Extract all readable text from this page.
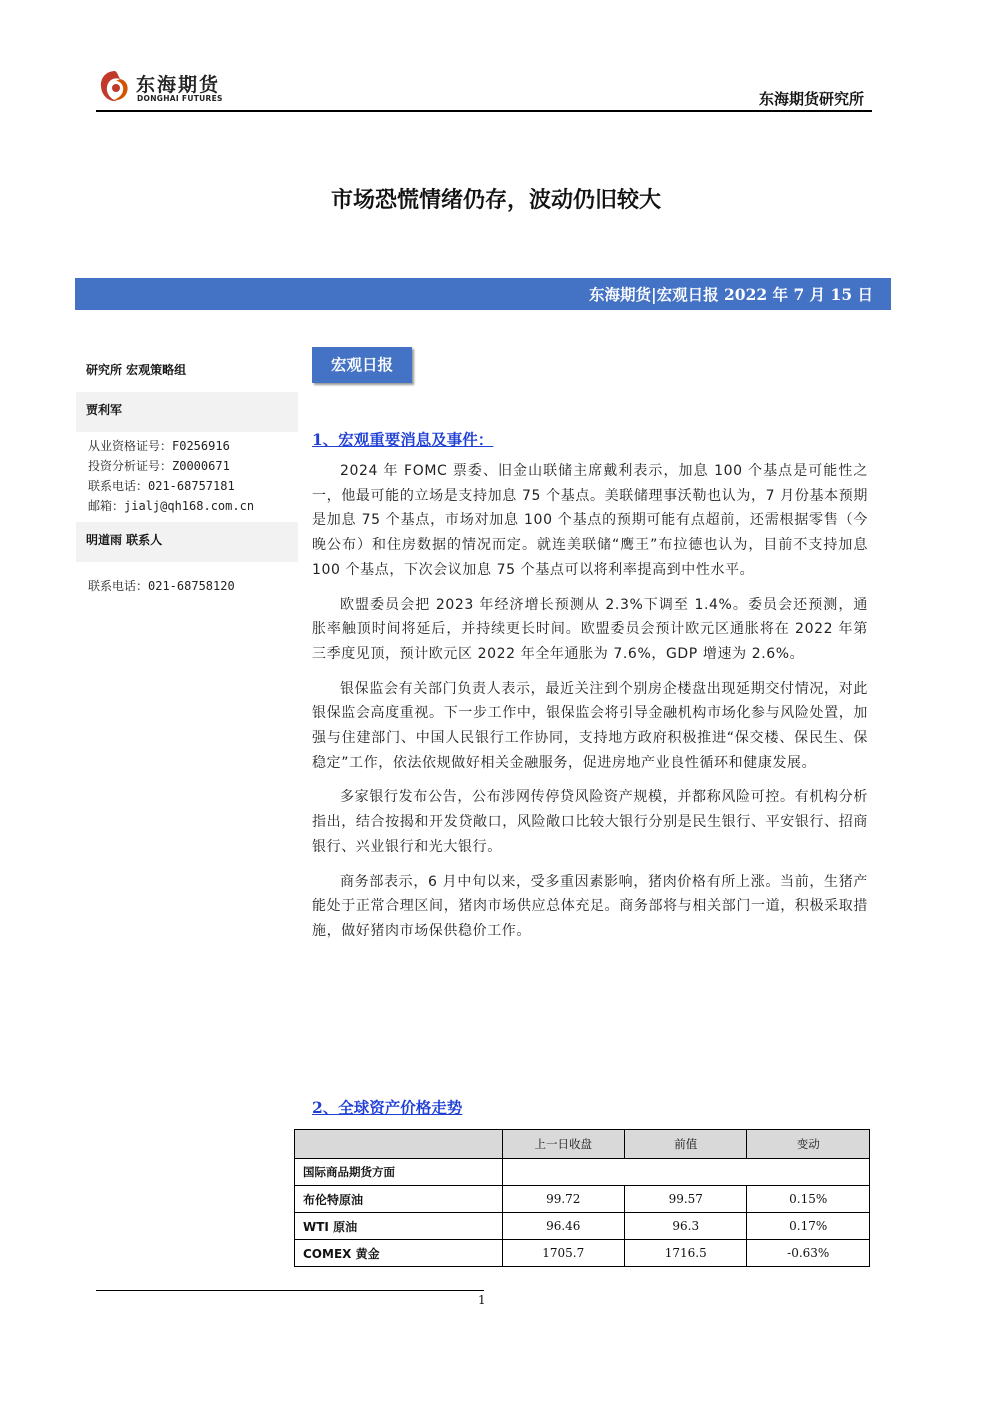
东海期货
DONGHAI FUTURES	东海期货研究所
市场恐慌情绪仍存，波动仍旧较大
东海期货|宏观日报 2022 年 7 月 15 日
研究所 宏观策略组
贾利军
从业资格证号：F0256916
投资分析证号：Z0000671
联系电话：021-68757181
邮箱：jialj@qh168.com.cn
明道雨 联系人
联系电话：021-68758120
宏观日报
1、宏观重要消息及事件：

2024 年 FOMC 票委、旧金山联储主席戴利表示，加息 100 个基点是可能性之一，他最可能的立场是支持加息 75 个基点。美联储理事沃勒也认为，7 月份基本预期是加息 75 个基点，市场对加息 100 个基点的预期可能有点超前，还需根据零售（今晚公布）和住房数据的情况而定。就连美联储“鹰王”布拉德也认为，目前不支持加息 100 个基点，下次会议加息 75 个基点可以将利率提高到中性水平。

欧盟委员会把 2023 年经济增长预测从 2.3%下调至 1.4%。委员会还预测，通胀率触顶时间将延后，并持续更长时间。欧盟委员会预计欧元区通胀将在 2022 年第三季度见顶，预计欧元区 2022 年全年通胀为 7.6%，GDP 增速为 2.6%。

银保监会有关部门负责人表示，最近关注到个别房企楼盘出现延期交付情况，对此银保监会高度重视。下一步工作中，银保监会将引导金融机构市场化参与风险处置，加强与住建部门、中国人民银行工作协同，支持地方政府积极推进“保交楼、保民生、保稳定”工作，依法依规做好相关金融服务，促进房地产业良性循环和健康发展。

多家银行发布公告，公布涉网传停贷风险资产规模，并都称风险可控。有机构分析指出，结合按揭和开发贷敞口，风险敞口比较大银行分别是民生银行、平安银行、招商银行、兴业银行和光大银行。

商务部表示，6 月中旬以来，受多重因素影响，猪肉价格有所上涨。当前，生猪产能处于正常合理区间，猪肉市场供应总体充足。商务部将与相关部门一道，积极采取措施，做好猪肉市场保供稳价工作。

2、全球资产价格走势
	上一日收盘	前值	变动
国际商品期货方面			
布伦特原油	99.72	99.57	0.15%
WTI 原油	96.46	96.3	0.17%
COMEX 黄金	1705.7	1716.5	-0.63%
1
